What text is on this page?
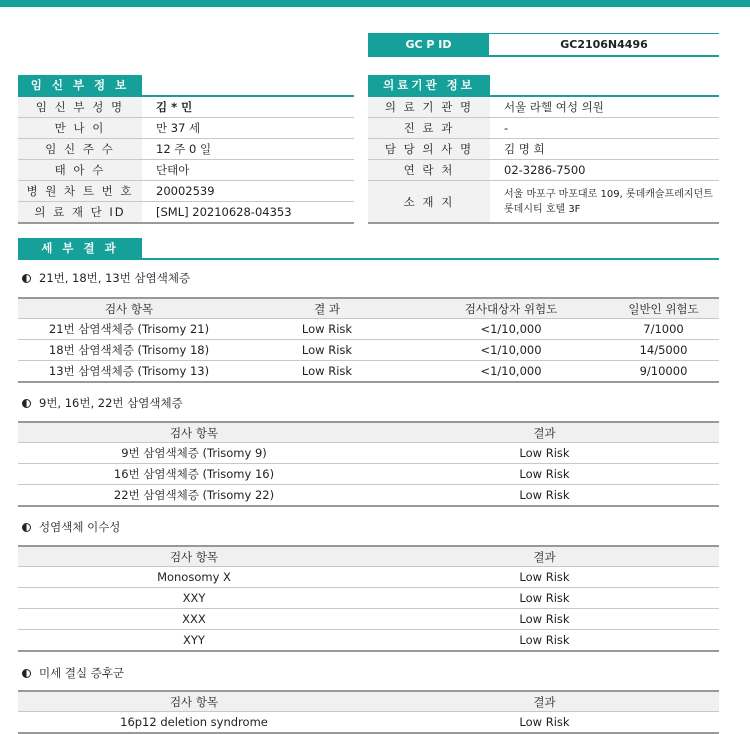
GC P ID	GC2106N4496
임 신 부 정 보
임 신 부 성 명	김 * 민
만 나 이	만 37 세
임 신 주 수	12 주 0 일
태 아 수	단태아
병 원 차 트 번 호	20002539
의 료 재 단 ID	[SML] 20210628-04353
의료기관 정보
의 료 기 관 명	서울 라헬 여성 의원
진 료 과	-
담 당 의 사 명	김 명 희
연 락 처	02-3286-7500
소 재 지	서울 마포구 마포대로 109, 롯데캐슬프레지던트 롯데시티 호텔 3F
세 부 결 과
21번, 18번, 13번 삼염색체증
검사 항목	결 과	검사대상자 위험도	일반인 위험도
21번 삼염색체증 (Trisomy 21)	Low Risk	<1/10,000	7/1000
18번 삼염색체증 (Trisomy 18)	Low Risk	<1/10,000	14/5000
13번 삼염색체증 (Trisomy 13)	Low Risk	<1/10,000	9/10000
9번, 16번, 22번 삼염색체증
검사 항목	결과
9번 삼염색체증 (Trisomy 9)	Low Risk
16번 삼염색체증 (Trisomy 16)	Low Risk
22번 삼염색체증 (Trisomy 22)	Low Risk
성염색체 이수성
검사 항목	결과
Monosomy X	Low Risk
XXY	Low Risk
XXX	Low Risk
XYY	Low Risk
미세 결실 증후군
검사 항목	결과
16p12 deletion syndrome	Low Risk
